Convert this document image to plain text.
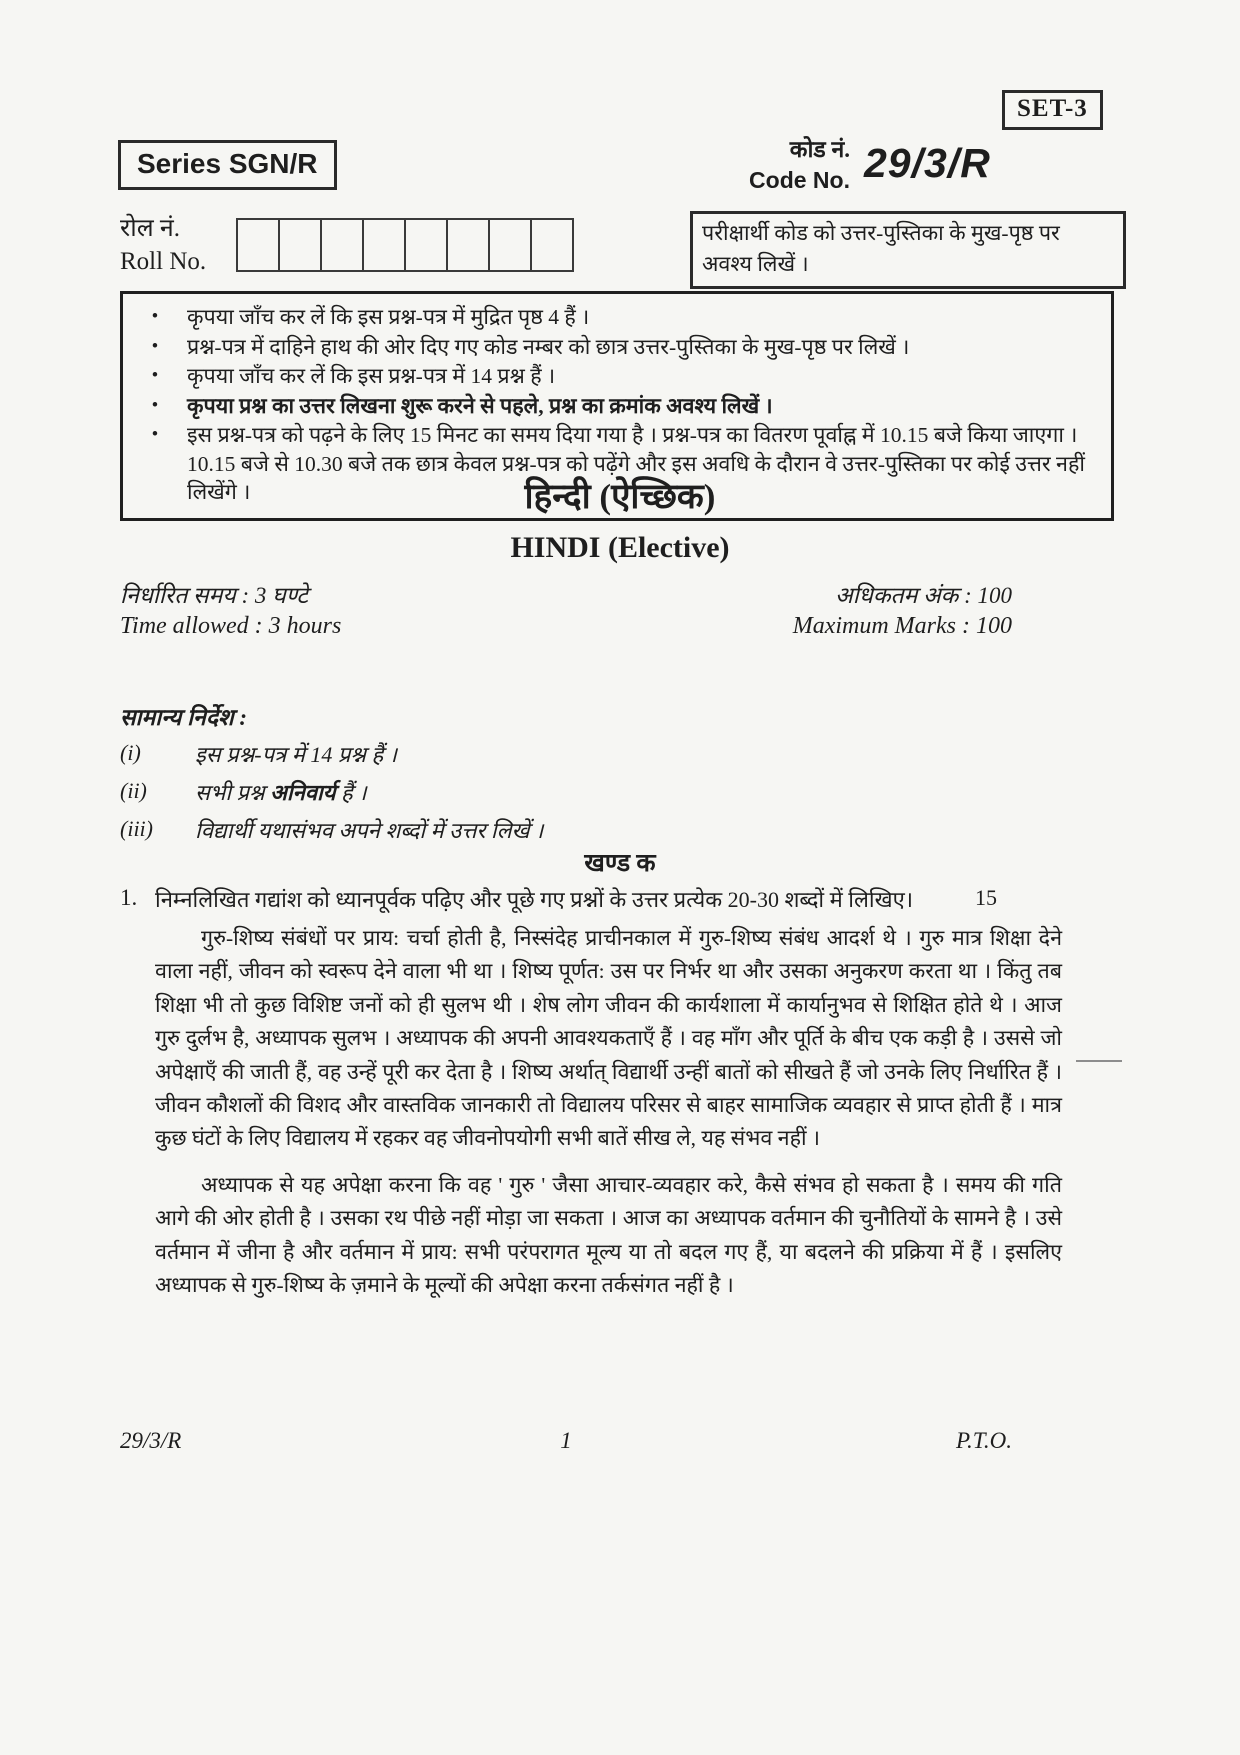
SET-3
Series SGN/R	कोड नं.
Code No. 29/3/R
रोल नं.
Roll No.
परीक्षार्थी कोड को उत्तर-पुस्तिका के मुख-पृष्ठ पर अवश्य लिखें ।
•	कृपया जाँच कर लें कि इस प्रश्न-पत्र में मुद्रित पृष्ठ 4 हैं ।
•	प्रश्न-पत्र में दाहिने हाथ की ओर दिए गए कोड नम्बर को छात्र उत्तर-पुस्तिका के मुख-पृष्ठ पर लिखें ।
•	कृपया जाँच कर लें कि इस प्रश्न-पत्र में 14 प्रश्न हैं ।
•	कृपया प्रश्न का उत्तर लिखना शुरू करने से पहले, प्रश्न का क्रमांक अवश्य लिखें ।
•	इस प्रश्न-पत्र को पढ़ने के लिए 15 मिनट का समय दिया गया है । प्रश्न-पत्र का वितरण पूर्वाह्न में 10.15 बजे किया जाएगा । 10.15 बजे से 10.30 बजे तक छात्र केवल प्रश्न-पत्र को पढ़ेंगे और इस अवधि के दौरान वे उत्तर-पुस्तिका पर कोई उत्तर नहीं लिखेंगे ।	हिन्दी (ऐच्छिक)
HINDI (Elective)
निर्धारित समय : 3 घण्टे
Time allowed : 3 hours
अधिकतम अंक : 100
Maximum Marks : 100
सामान्य निर्देश :
(i)	इस प्रश्न-पत्र में 14 प्रश्न हैं ।
(ii)	सभी प्रश्न अनिवार्य हैं ।
(iii)	विद्यार्थी यथासंभव अपने शब्दों में उत्तर लिखें ।
खण्ड क
1. निम्नलिखित गद्यांश को ध्यानपूर्वक पढ़िए और पूछे गए प्रश्नों के उत्तर प्रत्येक 20-30 शब्दों में लिखिए।	15

गुरु-शिष्य संबंधों पर प्राय: चर्चा होती है, निस्संदेह प्राचीनकाल में गुरु-शिष्य संबंध आदर्श थे । गुरु मात्र शिक्षा देने वाला नहीं, जीवन को स्वरूप देने वाला भी था । शिष्य पूर्णत: उस पर निर्भर था और उसका अनुकरण करता था । किंतु तब शिक्षा भी तो कुछ विशिष्ट जनों को ही सुलभ थी । शेष लोग जीवन की कार्यशाला में कार्यानुभव से शिक्षित होते थे । आज गुरु दुर्लभ है, अध्यापक सुलभ । अध्यापक की अपनी आवश्यकताएँ हैं । वह माँग और पूर्ति के बीच एक कड़ी है । उससे जो अपेक्षाएँ की जाती हैं, वह उन्हें पूरी कर देता है । शिष्य अर्थात् विद्यार्थी उन्हीं बातों को सीखते हैं जो उनके लिए निर्धारित हैं । जीवन कौशलों की विशद और वास्तविक जानकारी तो विद्यालय परिसर से बाहर सामाजिक व्यवहार से प्राप्त होती हैं । मात्र कुछ घंटों के लिए विद्यालय में रहकर वह जीवनोपयोगी सभी बातें सीख ले, यह संभव नहीं ।

अध्यापक से यह अपेक्षा करना कि वह ' गुरु ' जैसा आचार-व्यवहार करे, कैसे संभव हो सकता है । समय की गति आगे की ओर होती है । उसका रथ पीछे नहीं मोड़ा जा सकता । आज का अध्यापक वर्तमान की चुनौतियों के सामने है । उसे वर्तमान में जीना है और वर्तमान में प्राय: सभी परंपरागत मूल्य या तो बदल गए हैं, या बदलने की प्रक्रिया में हैं । इसलिए अध्यापक से गुरु-शिष्य के ज़माने के मूल्यों की अपेक्षा करना तर्कसंगत नहीं है ।

29/3/R	1	P.T.O.
